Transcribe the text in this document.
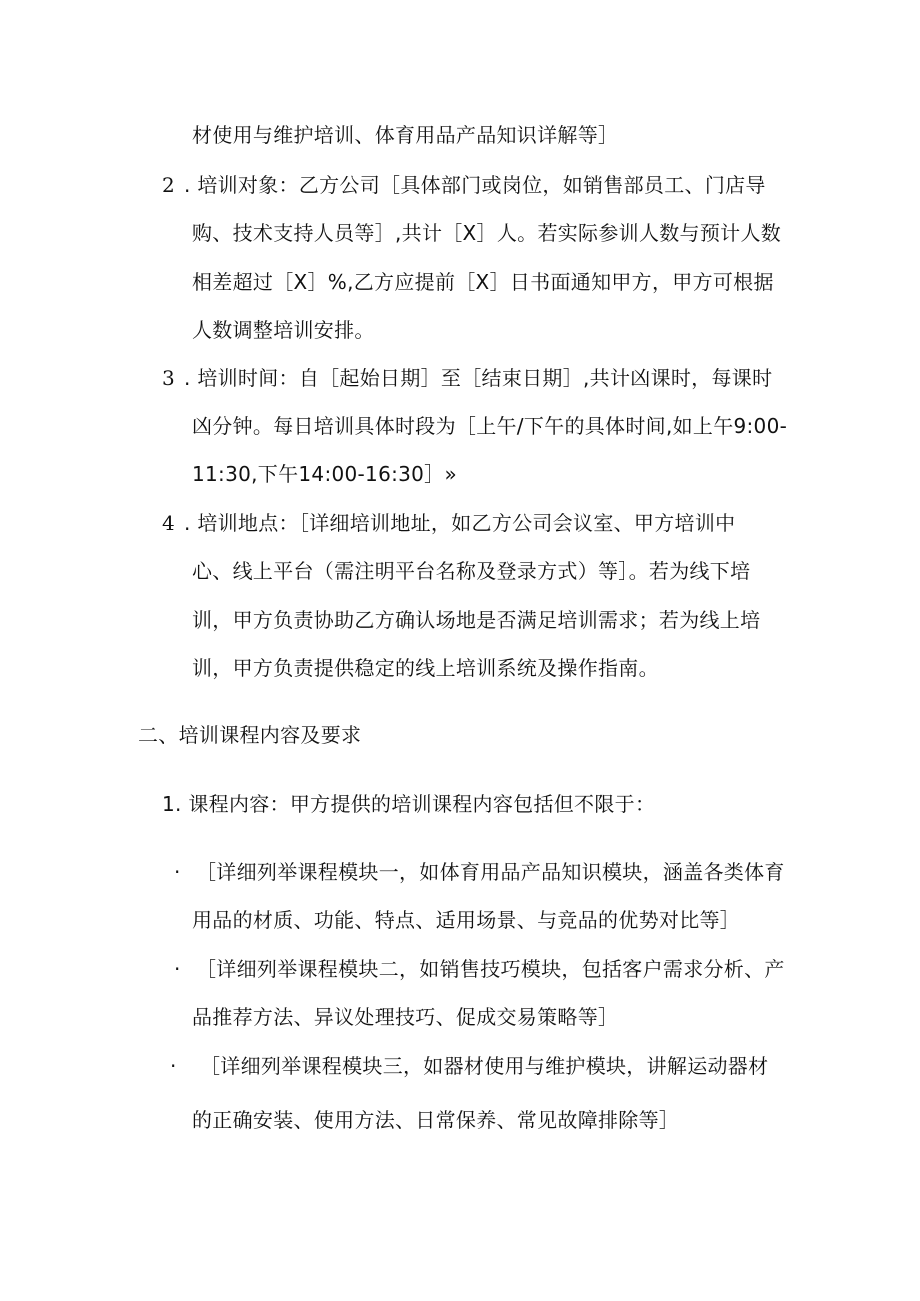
材使用与维护培训、体育用品产品知识详解等］
2 . 培训对象：乙方公司［具体部门或岗位，如销售部员工、门店导
购、技术支持人员等］,共计［X］人。若实际参训人数与预计人数
相差超过［X］%,乙方应提前［X］日书面通知甲方，甲方可根据
人数调整培训安排。
3 . 培训时间：自［起始日期］至［结束日期］,共计凶课时，每课时
凶分钟。每日培训具体时段为［上午/下午的具体时间,如上午9:00-
11:30,下午14:00-16:30］»
4 . 培训地点：［详细培训地址，如乙方公司会议室、甲方培训中
心、线上平台（需注明平台名称及登录方式）等］。若为线下培
训，甲方负责协助乙方确认场地是否满足培训需求；若为线上培
训，甲方负责提供稳定的线上培训系统及操作指南。
二、培训课程内容及要求
1. 课程内容：甲方提供的培训课程内容包括但不限于：
· ［详细列举课程模块一，如体育用品产品知识模块，涵盖各类体育
用品的材质、功能、特点、适用场景、与竞品的优势对比等］
· ［详细列举课程模块二，如销售技巧模块，包括客户需求分析、产
品推荐方法、异议处理技巧、促成交易策略等］
· ［详细列举课程模块三，如器材使用与维护模块，讲解运动器材
的正确安装、使用方法、日常保养、常见故障排除等］
